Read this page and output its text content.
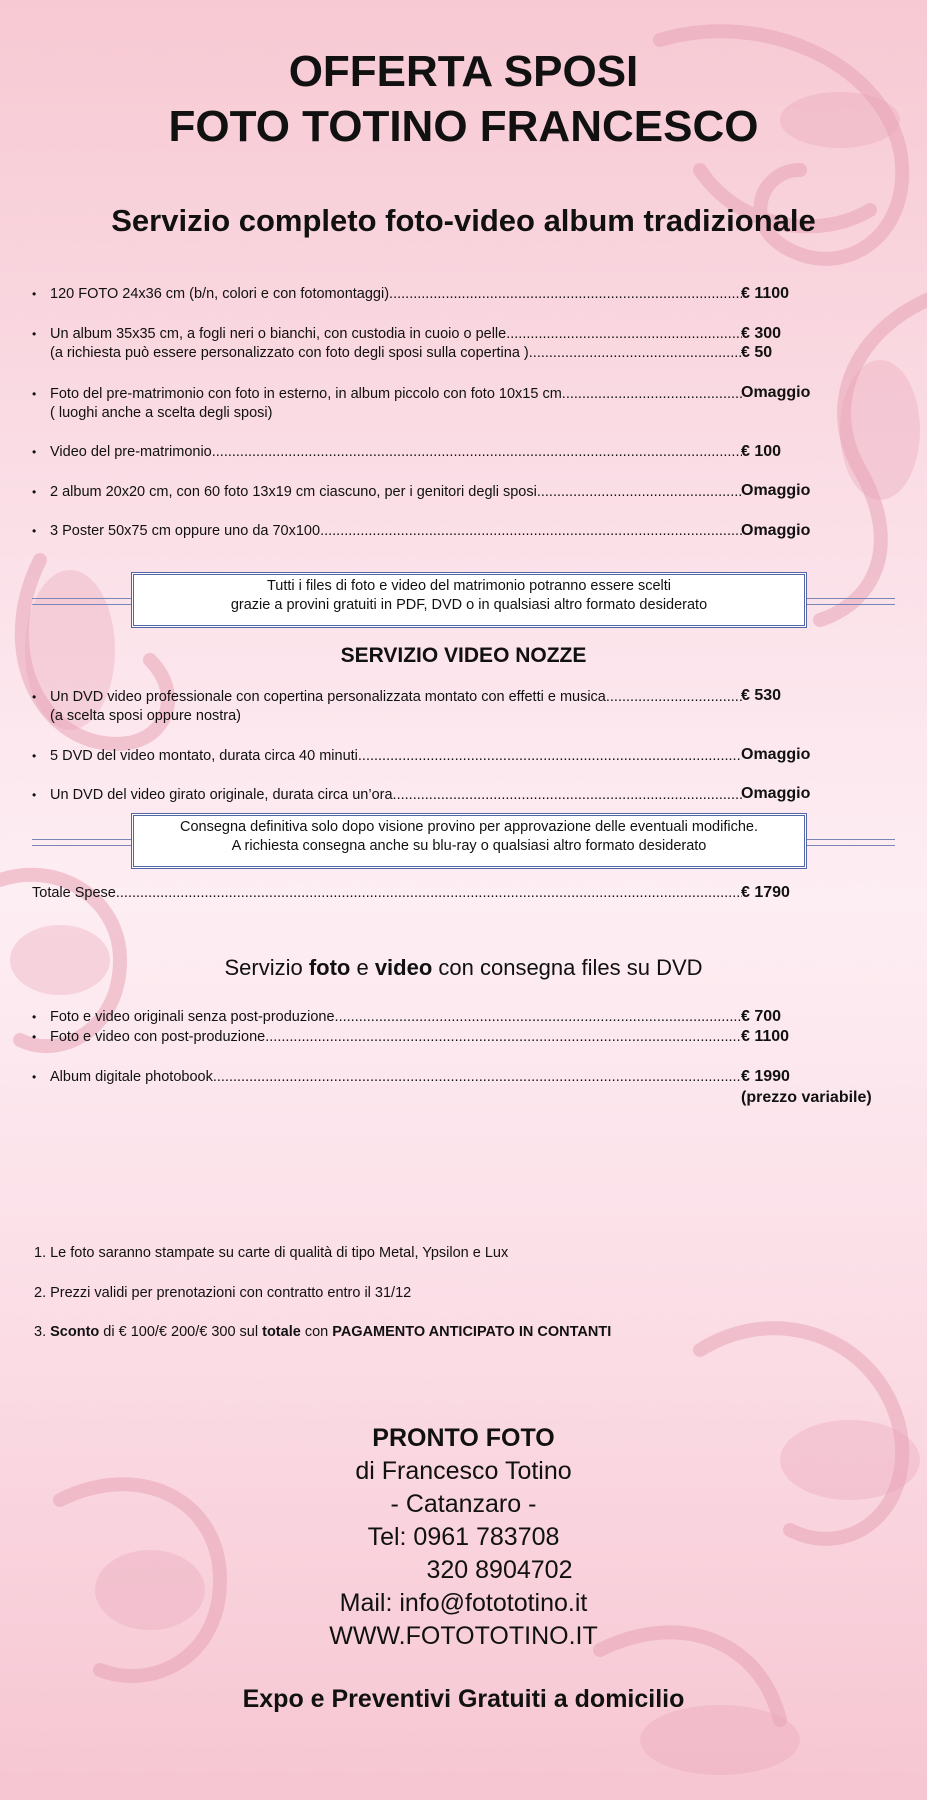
OFFERTA SPOSI
FOTO TOTINO FRANCESCO
Servizio completo foto-video album tradizionale
• 120 FOTO 24x36 cm (b/n, colori e con fotomontaggi) .....	€ 1100
• Un album 35x35 cm, a fogli neri o bianchi, con custodia in cuoio o pelle .....	€ 300
(a richiesta può essere personalizzato con foto degli sposi sulla copertina ) .....	€ 50
• Foto del pre-matrimonio con foto in esterno, in album piccolo con foto 10x15 cm .....	Omaggio
( luoghi anche a scelta degli sposi)
• Video del pre-matrimonio .....	€ 100
• 2 album 20x20 cm, con 60 foto 13x19 cm ciascuno, per i genitori degli sposi .....	Omaggio
• 3 Poster 50x75 cm oppure uno da 70x100 .....	Omaggio
Tutti i files di foto e video del matrimonio potranno essere scelti
grazie a provini gratuiti in PDF, DVD o in qualsiasi altro formato desiderato
SERVIZIO VIDEO NOZZE
• Un DVD video professionale con copertina personalizzata montato con effetti e musica .....	€ 530
(a scelta sposi oppure nostra)
• 5 DVD del video montato, durata circa 40 minuti .....	Omaggio
• Un DVD del video girato originale, durata circa un’ora .....	Omaggio
Consegna definitiva solo dopo visione provino per approvazione delle eventuali modifiche.
A richiesta consegna anche su blu-ray o qualsiasi altro formato desiderato
Totale Spese .....	€ 1790
Servizio foto e video con consegna files su DVD
• Foto e video originali senza post-produzione .....	€ 700
• Foto e video con post-produzione .....	€ 1100
• Album digitale photobook .....	€ 1990
(prezzo variabile)
1. Le foto saranno stampate su carte di qualità di tipo Metal, Ypsilon e Lux
2. Prezzi validi per prenotazioni con contratto entro il 31/12
3. Sconto di € 100/€ 200/€ 300 sul totale con PAGAMENTO ANTICIPATO IN CONTANTI
PRONTO FOTO
di Francesco Totino
- Catanzaro -
Tel: 0961 783708
320 8904702
Mail: info@fotototino.it
WWW.FOTOTOTINO.IT
Expo e Preventivi Gratuiti a domicilio
